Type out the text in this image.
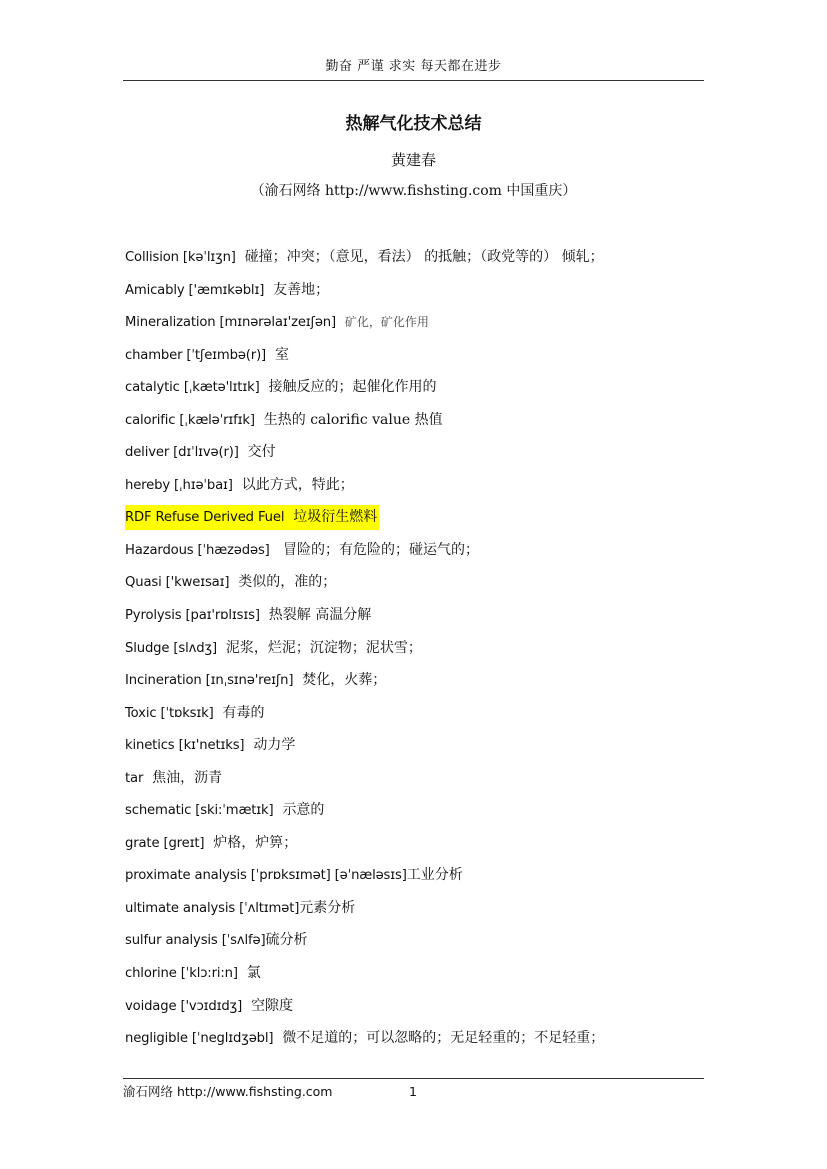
勤奋 严谨 求实 每天都在进步
热解气化技术总结
黄建春
（渝石网络 http://www.fishsting.com 中国重庆）
Collision [kəˈlɪʒn] 碰撞；冲突；（意见，看法） 的抵触；（政党等的） 倾轧；
Amicably ['æmɪkəblɪ] 友善地；
Mineralization [mɪnərəlaɪ'zeɪʃən] 矿化，矿化作用
chamber [ˈtʃeɪmbə(r)] 室
catalytic [ˌkætə'lɪtɪk] 接触反应的；起催化作用的
calorific [ˌkæləˈrɪfɪk] 生热的 calorific value 热值
deliver [dɪˈlɪvə(r)] 交付
hereby [ˌhɪəˈbaɪ] 以此方式，特此；
RDF Refuse Derived Fuel 垃圾衍生燃料
Hazardous [ˈhæzədəs]   冒险的；有危险的；碰运气的；
Quasi ['kweɪsaɪ] 类似的，准的；
Pyrolysis [paɪ'rɒlɪsɪs] 热裂解 高温分解
Sludge [slʌdʒ] 泥浆，烂泥；沉淀物；泥状雪；
Incineration [ɪnˌsɪnə'reɪʃn] 焚化，火葬；
Toxic [ˈtɒksɪk] 有毒的
kinetics [kɪ'netɪks] 动力学
tar 焦油，沥青
schematic [ski:ˈmætɪk] 示意的
grate [greɪt] 炉格，炉箅；
proximate analysis [ˈprɒksɪmət] [əˈnæləsɪs]工业分析
ultimate analysis [ˈʌltɪmət]元素分析
sulfur analysis [ˈsʌlfə]硫分析
chlorine [ˈklɔ:ri:n] 氯
voidage ['vɔɪdɪdʒ] 空隙度
negligible [ˈneglɪdʒəbl] 微不足道的；可以忽略的；无足轻重的；不足轻重；
渝石网络 http://www.fishsting.com	1
